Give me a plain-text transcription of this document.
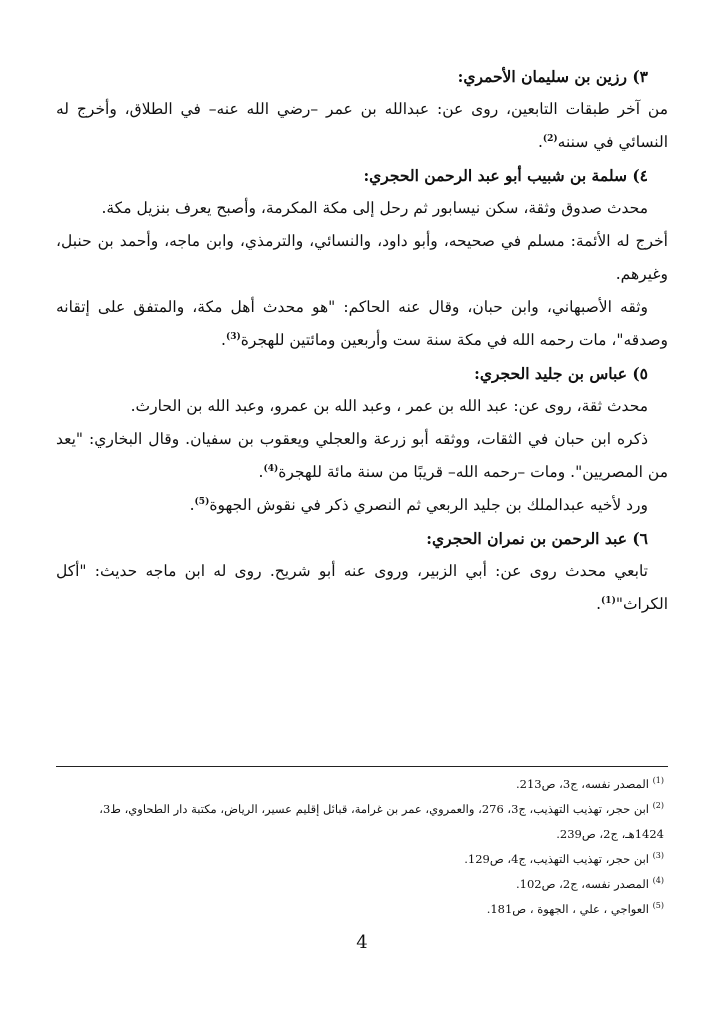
٣) رزين بن سليمان الأحمري:

من آخر طبقات التابعين، روى عن: عبدالله بن عمر –رضي الله عنه– في الطلاق، وأخرج له النسائي في سننه$^{(2)}$.

٤) سلمة بن شبيب أبو عبد الرحمن الحجري:

محدث صدوق وثقة، سكن نيسابور ثم رحل إلى مكة المكرمة، وأصبح يعرف بنزيل مكة.

أخرج له الأئمة: مسلم في صحيحه، وأبو داود، والنسائي، والترمذي، وابن ماجه، وأحمد بن حنبل، وغيرهم.

وثقه الأصبهاني، وابن حبان، وقال عنه الحاكم: "هو محدث أهل مكة، والمتفق على إتقانه وصدقه"، مات رحمه الله في مكة سنة ست وأربعين ومائتين للهجرة$^{(3)}$.

٥) عباس بن جليد الحجري:

محدث ثقة، روى عن: عبد الله بن عمر ، وعبد الله بن عمرو، وعبد الله بن الحارث.

ذكره ابن حبان في الثقات، ووثقه أبو زرعة والعجلي ويعقوب بن سفيان. وقال البخاري: "يعد من المصريين". ومات –رحمه الله– قريبًا من سنة مائة للهجرة$^{(4)}$.

ورد لأخيه عبدالملك بن جليد الربعي ثم النصري ذكر في نقوش الجهوة$^{(5)}$.

٦) عبد الرحمن بن نمران الحجري:

تابعي محدث روى عن: أبي الزبير، وروى عنه أبو شريح. روى له ابن ماجه حديث: "أكل الكراث"$^{(1)}$.

$^{(1)}$ المصدر نفسه، ج3، ص213.

$^{(2)}$ ابن حجر، تهذيب التهذيب، ج3، 276، والعمروي، عمر بن غرامة، قبائل إقليم عسير، الرياض، مكتبة دار الطحاوي، ط3، 1424هـ، ج2، ص239.

$^{(3)}$ ابن حجر، تهذيب التهذيب، ج4، ص129.

$^{(4)}$ المصدر نفسه، ج2، ص102.

$^{(5)}$ العواجي ، علي ، الجهوة ، ص181.

4
